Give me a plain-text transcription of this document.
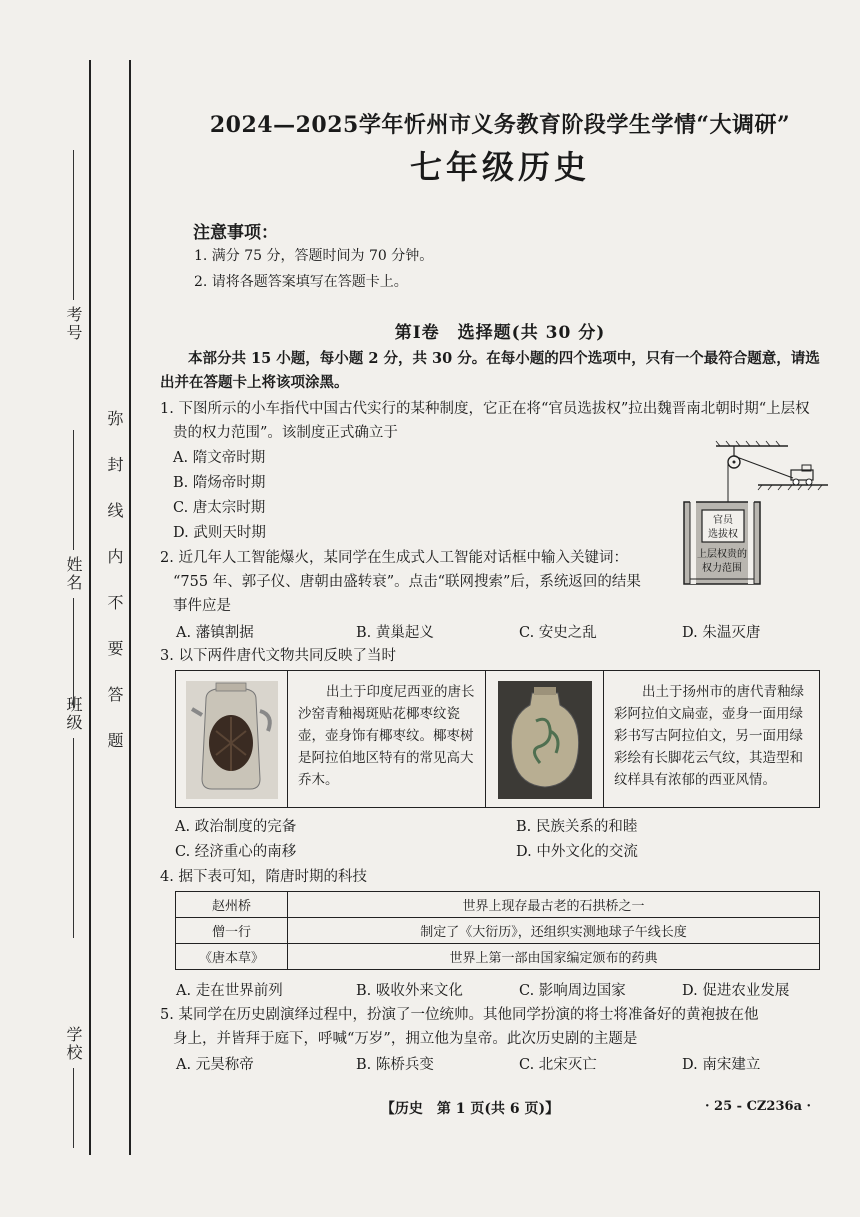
考号
姓名
班级
学校
弥封线内不要答题
2024—2025学年忻州市义务教育阶段学生学情“大调研”
七年级历史
注意事项：
1. 满分 75 分，答题时间为 70 分钟。
2. 请将各题答案填写在答题卡上。
第Ⅰ卷　选择题(共 30 分)
本部分共 15 小题，每小题 2 分，共 30 分。在每小题的四个选项中，只有一个最符合题意，请选出并在答题卡上将该项涂黑。
1. 下图所示的小车指代中国古代实行的某种制度，它正在将“官员选拔权”拉出魏晋南北朝时期“上层权贵的权力范围”。该制度正式确立于
A. 隋文帝时期
B. 隋炀帝时期
C. 唐太宗时期
D. 武则天时期
官员
选拔权
上层权贵的
权力范围
2. 近几年人工智能爆火，某同学在生成式人工智能对话框中输入关键词：
“755 年、郭子仪、唐朝由盛转衰”。点击“联网搜索”后，系统返回的结果
事件应是
A. 藩镇割据	B. 黄巢起义	C. 安史之乱	D. 朱温灭唐
3. 以下两件唐代文物共同反映了当时
出土于印度尼西亚的唐长沙窑青釉褐斑贴花椰枣纹瓷壶，壶身饰有椰枣纹。椰枣树是阿拉伯地区特有的常见高大乔木。
出土于扬州市的唐代青釉绿彩阿拉伯文扁壶，壶身一面用绿彩书写古阿拉伯文，另一面用绿彩绘有长脚花云气纹，其造型和纹样具有浓郁的西亚风情。
A. 政治制度的完备	B. 民族关系的和睦
C. 经济重心的南移	D. 中外文化的交流
4. 据下表可知，隋唐时期的科技
赵州桥	世界上现存最古老的石拱桥之一
僧一行	制定了《大衍历》，还组织实测地球子午线长度
《唐本草》	世界上第一部由国家编定颁布的药典
A. 走在世界前列	B. 吸收外来文化	C. 影响周边国家	D. 促进农业发展
5. 某同学在历史剧演绎过程中，扮演了一位统帅。其他同学扮演的将士将准备好的黄袍披在他
身上，并皆拜于庭下，呼喊“万岁”，拥立他为皇帝。此次历史剧的主题是
A. 元昊称帝	B. 陈桥兵变	C. 北宋灭亡	D. 南宋建立
【历史　第 1 页(共 6 页)】	· 25 - CZ236a ·
